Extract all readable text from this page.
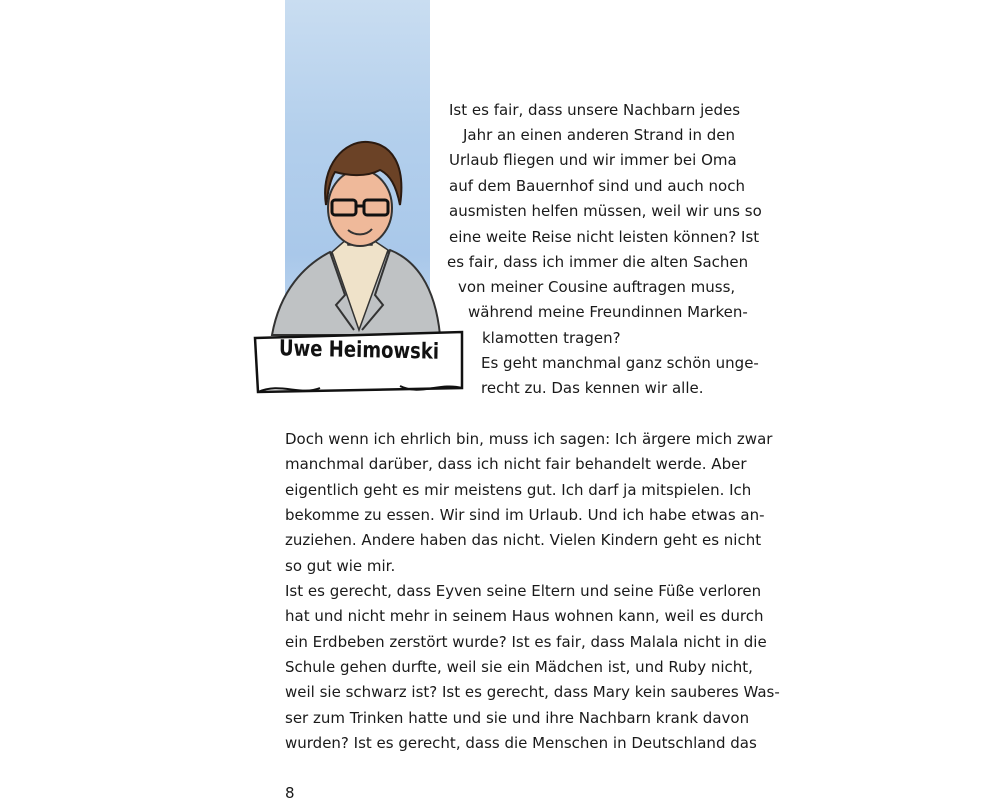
Uwe Heimowski
Ist es fair, dass unsere Nachbarn jedes
Jahr an einen anderen Strand in den
Urlaub fliegen und wir immer bei Oma
auf dem Bauernhof sind und auch noch
ausmisten helfen müssen, weil wir uns so
eine weite Reise nicht leisten können? Ist
es fair, dass ich immer die alten Sachen
von meiner Cousine auftragen muss,
während meine Freundinnen Marken-
klamotten tragen?
Es geht manchmal ganz schön unge-
recht zu. Das kennen wir alle.
Doch wenn ich ehrlich bin, muss ich sagen: Ich ärgere mich zwar
manchmal darüber, dass ich nicht fair behandelt werde. Aber
eigentlich geht es mir meistens gut. Ich darf ja mitspielen. Ich
bekomme zu essen. Wir sind im Urlaub. Und ich habe etwas an-
zuziehen. Andere haben das nicht. Vielen Kindern geht es nicht
so gut wie mir.
Ist es gerecht, dass Eyven seine Eltern und seine Füße verloren
hat und nicht mehr in seinem Haus wohnen kann, weil es durch
ein Erdbeben zerstört wurde? Ist es fair, dass Malala nicht in die
Schule gehen durfte, weil sie ein Mädchen ist, und Ruby nicht,
weil sie schwarz ist? Ist es gerecht, dass Mary kein sauberes Was-
ser zum Trinken hatte und sie und ihre Nachbarn krank davon
wurden? Ist es gerecht, dass die Menschen in Deutschland das
8
